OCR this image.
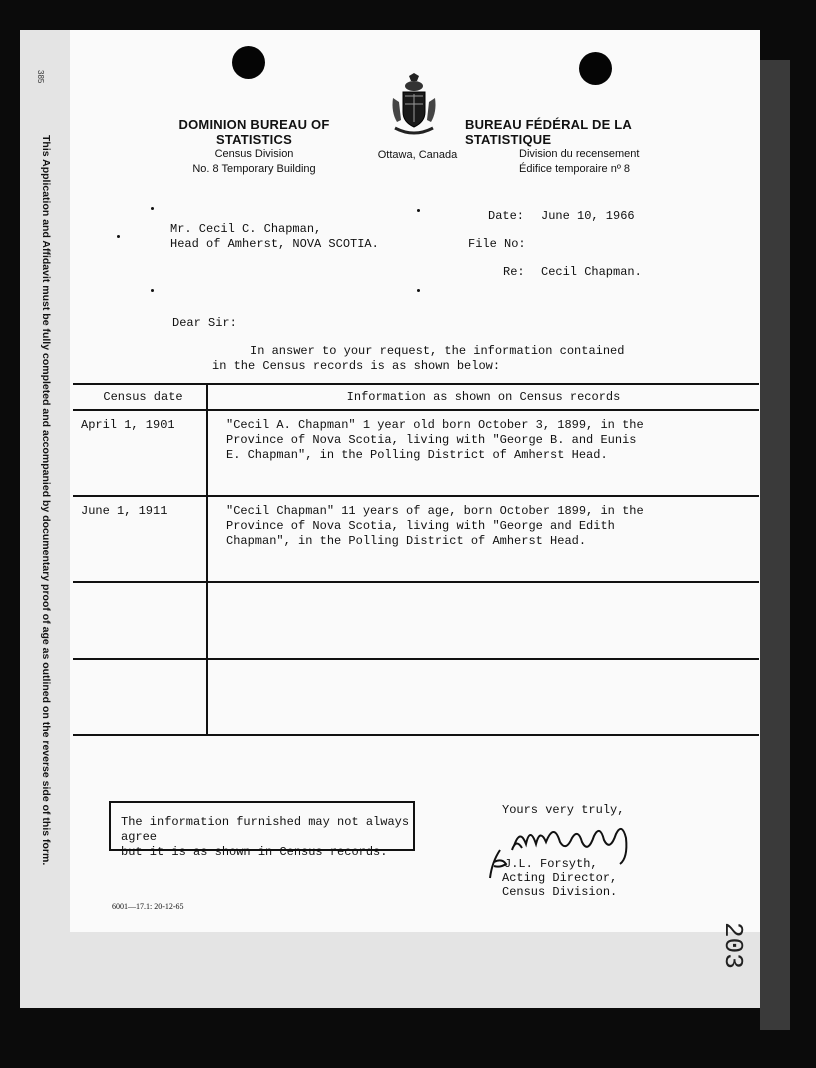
385
This Application and Affidavit must be fully completed and accompanied by documentary proof of age as outlined on the reverse side of this form.
DOMINION BUREAU OF STATISTICS
Census Division
No. 8 Temporary Building
Ottawa, Canada
BUREAU FÉDÉRAL DE LA STATISTIQUE
Division du recensement
Édifice temporaire nº 8
Mr. Cecil C. Chapman,
Head of Amherst, NOVA SCOTIA.
Date: June 10, 1966
File No:
Re: Cecil Chapman.
Dear Sir:
In answer to your request, the information contained
in the Census records is as shown below:
Census date	Information as shown on Census records
April 1, 1901	"Cecil A. Chapman" 1 year old born October 3, 1899, in the
Province of Nova Scotia, living with "George B. and Eunis
E. Chapman", in the Polling District of Amherst Head.

June 1, 1911	"Cecil Chapman" 11 years of age, born October 1899, in the
Province of Nova Scotia, living with "George and Edith
Chapman", in the Polling District of Amherst Head.

The information furnished may not always agree
but it is as shown in Census records.
Yours very truly,
J.L. Forsyth,
Acting Director,
Census Division.
6001—17.1: 20-12-65
203
